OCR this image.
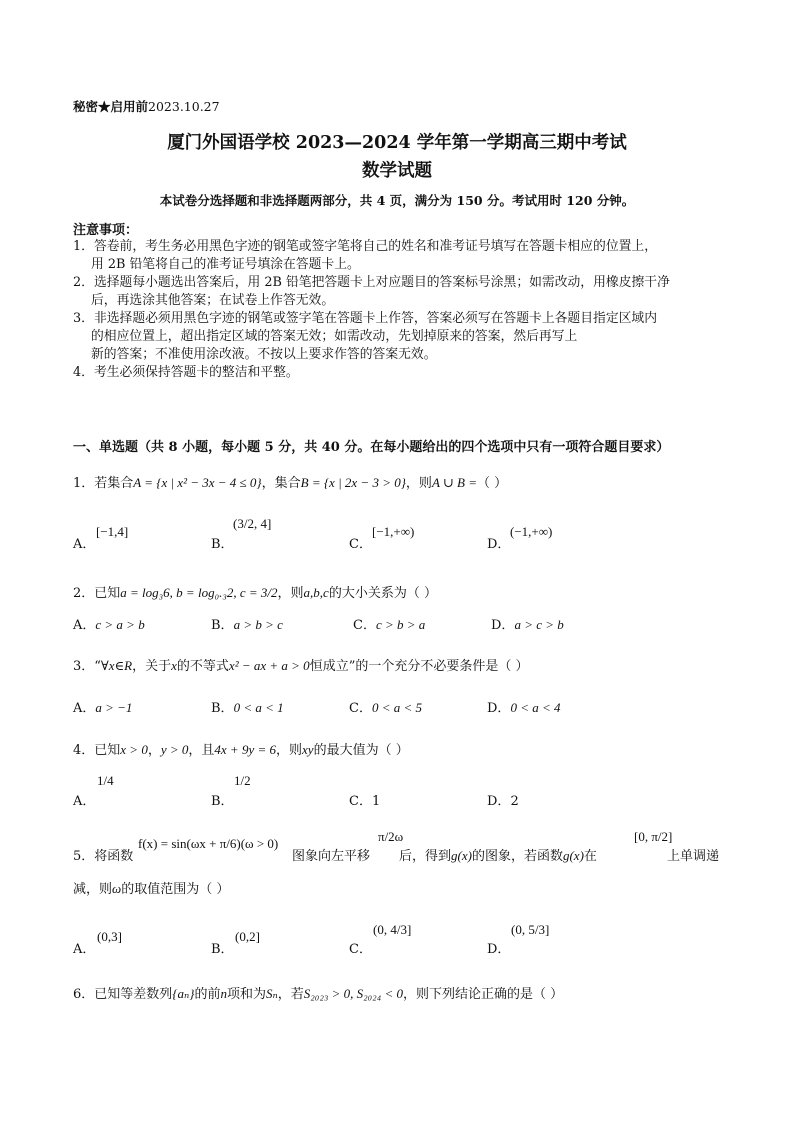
秘密★启用前2023.10.27
厦门外国语学校 2023—2024 学年第一学期高三期中考试
数学试题
本试卷分选择题和非选择题两部分，共 4 页，满分为 150 分。考试用时 120 分钟。
注意事项：
1．答卷前，考生务必用黑色字迹的钢笔或签字笔将自己的姓名和准考证号填写在答题卡相应的位置上，
用 2B 铅笔将自己的准考证号填涂在答题卡上。
2．选择题每小题选出答案后，用 2B 铅笔把答题卡上对应题目的答案标号涂黑；如需改动，用橡皮擦干净
后，再选涂其他答案；在试卷上作答无效。
3．非选择题必须用黑色字迹的钢笔或签字笔在答题卡上作答，答案必须写在答题卡上各题目指定区域内
的相应位置上，超出指定区域的答案无效；如需改动，先划掉原来的答案，然后再写上
新的答案；不准使用涂改液。不按以上要求作答的答案无效。
4．考生必须保持答题卡的整洁和平整。
一、单选题（共 8 小题，每小题 5 分，共 40 分。在每小题给出的四个选项中只有一项符合题目要求）
1．若集合A = {x | x² − 3x − 4 ≤ 0}，集合B = {x | 2x − 3 > 0}，则A ∪ B =（ ）
A．
[−1,4]
B．
(3/2, 4]
C．
[−1,+∞)
D．
(−1,+∞)
2．已知a = log₃6, b = log₀.₃2, c = 3/2，则a,b,c的大小关系为（ ）
A．c > a > b	B．a > b > c	C．c > b > a	D．a > c > b
3．“∀x∈R，关于x的不等式x² − ax + a > 0恒成立”的一个充分不必要条件是（ ）
A．a > −1	B．0 < a < 1	C．0 < a < 5	D．0 < a < 4
4．已知x > 0，y > 0，且4x + 9y = 6，则xy的最大值为（ ）
A．
1/4
B．
1/2
C．1	D．2
5．将函数
f(x) = sin(ωx + π/6)(ω > 0)
图象向左平移
π/2ω
后，得到g(x)的图象，若函数g(x)在
[0, π/2]
上单调递
减，则ω的取值范围为（ ）
A．
(0,3]
B．
(0,2]
C．
(0, 4/3]
D．
(0, 5/3]
6．已知等差数列{aₙ}的前n项和为Sₙ，若S₂₀₂₃ > 0, S₂₀₂₄ < 0，则下列结论正确的是（ ）
